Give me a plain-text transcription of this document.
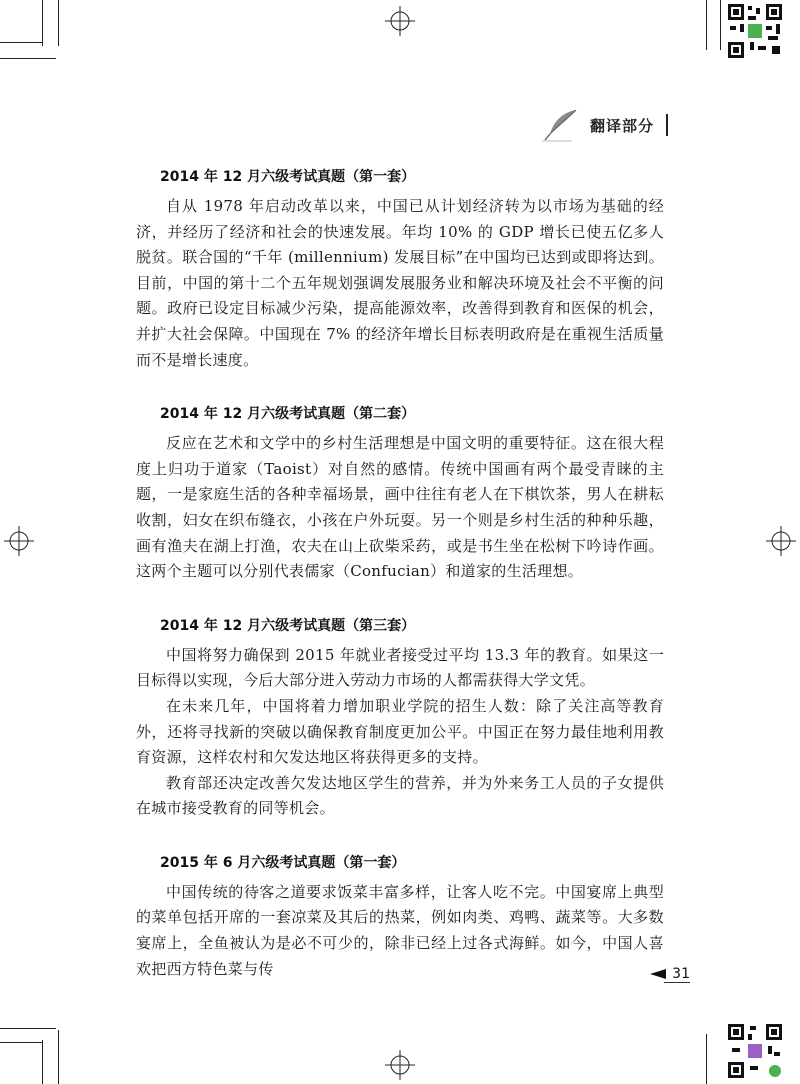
翻译部分
2014 年 12 月六级考试真题（第一套）

自从 1978 年启动改革以来，中国已从计划经济转为以市场为基础的经济，并经历了经济和社会的快速发展。年均 10% 的 GDP 增长已使五亿多人脱贫。联合国的“千年 (millennium) 发展目标”在中国均已达到或即将达到。目前，中国的第十二个五年规划强调发展服务业和解决环境及社会不平衡的问题。政府已设定目标减少污染，提高能源效率，改善得到教育和医保的机会，并扩大社会保障。中国现在 7% 的经济年增长目标表明政府是在重视生活质量而不是增长速度。

2014 年 12 月六级考试真题（第二套）

反应在艺术和文学中的乡村生活理想是中国文明的重要特征。这在很大程度上归功于道家（Taoist）对自然的感情。传统中国画有两个最受青睐的主题，一是家庭生活的各种幸福场景，画中往往有老人在下棋饮茶，男人在耕耘收割，妇女在织布缝衣，小孩在户外玩耍。另一个则是乡村生活的种种乐趣，画有渔夫在湖上打渔，农夫在山上砍柴采药，或是书生坐在松树下吟诗作画。这两个主题可以分别代表儒家（Confucian）和道家的生活理想。

2014 年 12 月六级考试真题（第三套）

中国将努力确保到 2015 年就业者接受过平均 13.3 年的教育。如果这一目标得以实现，今后大部分进入劳动力市场的人都需获得大学文凭。

在未来几年，中国将着力增加职业学院的招生人数：除了关注高等教育外，还将寻找新的突破以确保教育制度更加公平。中国正在努力最佳地利用教育资源，这样农村和欠发达地区将获得更多的支持。

教育部还决定改善欠发达地区学生的营养，并为外来务工人员的子女提供在城市接受教育的同等机会。

2015 年 6 月六级考试真题（第一套）

中国传统的待客之道要求饭菜丰富多样，让客人吃不完。中国宴席上典型的菜单包括开席的一套凉菜及其后的热菜，例如肉类、鸡鸭、蔬菜等。大多数宴席上，全鱼被认为是必不可少的，除非已经上过各式海鲜。如今，中国人喜欢把西方特色菜与传	31
